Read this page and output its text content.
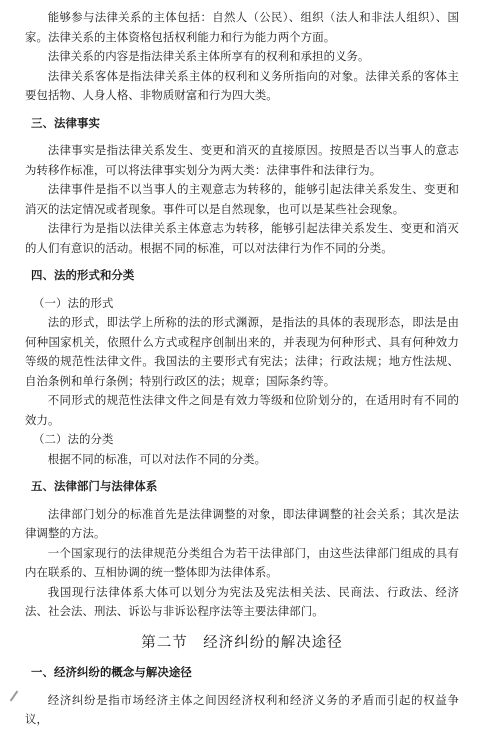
能够参与法律关系的主体包括：自然人（公民）、组织（法人和非法人组织）、国家。法律关系的主体资格包括权利能力和行为能力两个方面。

法律关系的内容是指法律关系主体所享有的权利和承担的义务。

法律关系客体是指法律关系主体的权利和义务所指向的对象。法律关系的客体主要包括物、人身人格、非物质财富和行为四大类。

三、法律事实

法律事实是指法律关系发生、变更和消灭的直接原因。按照是否以当事人的意志为转移作标准，可以将法律事实划分为两大类：法律事件和法律行为。

法律事件是指不以当事人的主观意志为转移的，能够引起法律关系发生、变更和消灭的法定情况或者现象。事件可以是自然现象，也可以是某些社会现象。

法律行为是指以法律关系主体意志为转移，能够引起法律关系发生、变更和消灭的人们有意识的活动。根据不同的标准，可以对法律行为作不同的分类。

四、法的形式和分类
（一）法的形式

法的形式，即法学上所称的法的形式渊源，是指法的具体的表现形态，即法是由何种国家机关，依照什么方式或程序创制出来的，并表现为何种形式、具有何种效力等级的规范性法律文件。我国法的主要形式有宪法；法律；行政法规；地方性法规、自治条例和单行条例；特别行政区的法；规章；国际条约等。

不同形式的规范性法律文件之间是有效力等级和位阶划分的，在适用时有不同的效力。

（二）法的分类

根据不同的标准，可以对法作不同的分类。

五、法律部门与法律体系

法律部门划分的标准首先是法律调整的对象，即法律调整的社会关系；其次是法律调整的方法。

一个国家现行的法律规范分类组合为若干法律部门，由这些法律部门组成的具有内在联系的、互相协调的统一整体即为法律体系。

我国现行法律体系大体可以划分为宪法及宪法相关法、民商法、行政法、经济法、社会法、刑法、诉讼与非诉讼程序法等主要法律部门。

第二节　经济纠纷的解决途径
一、经济纠纷的概念与解决途径

经济纠纷是指市场经济主体之间因经济权利和经济义务的矛盾而引起的权益争议，
